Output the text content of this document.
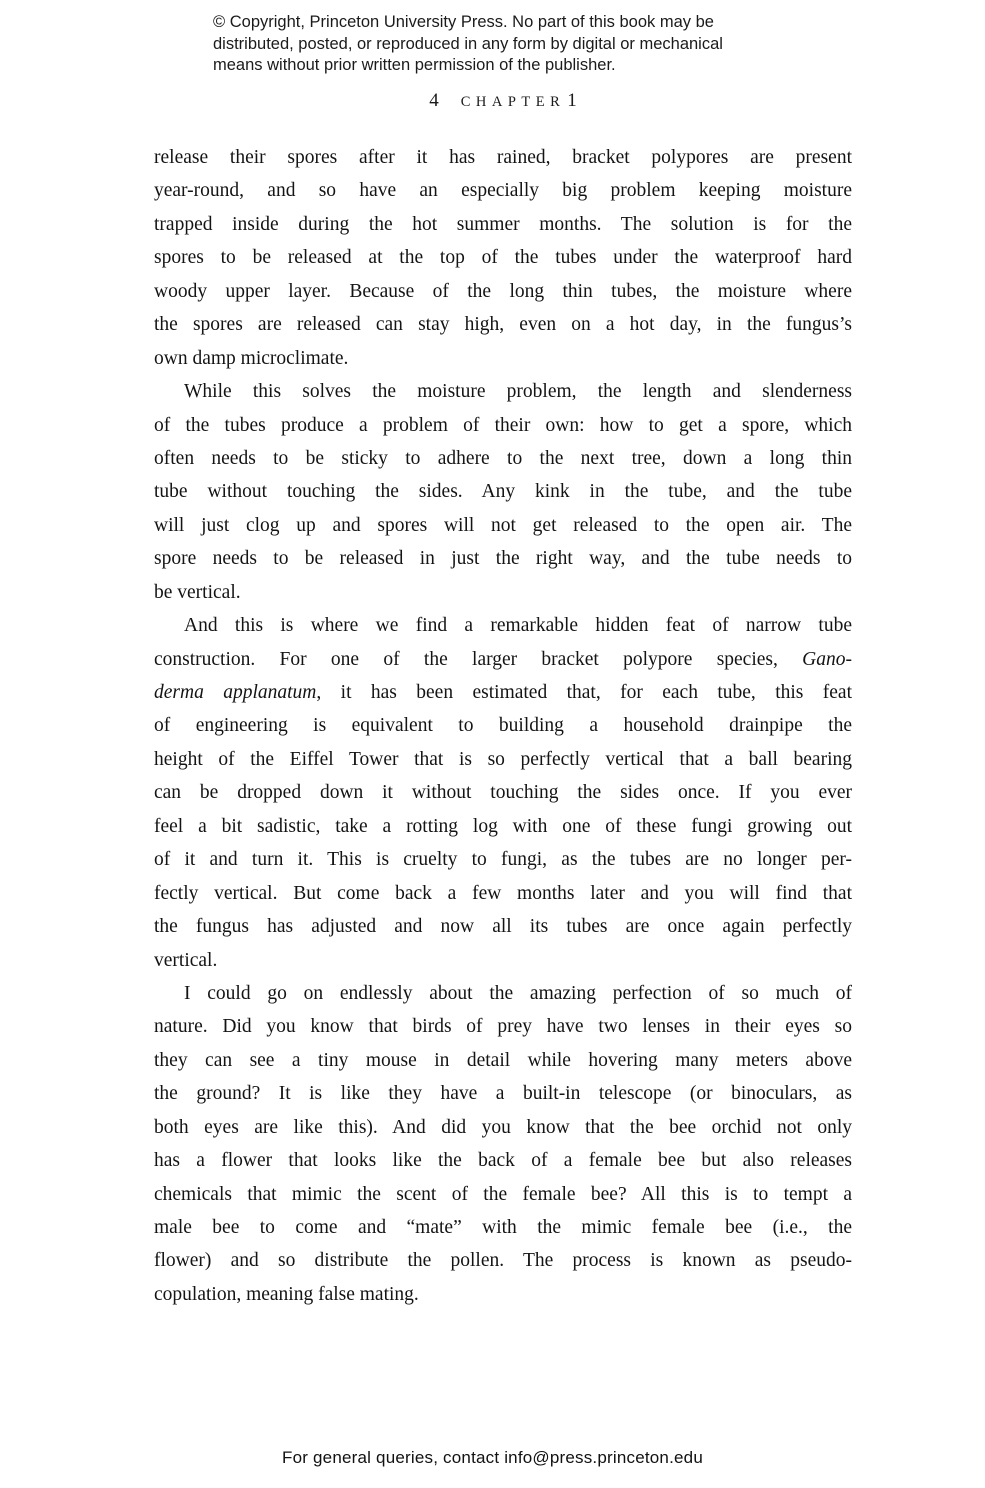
© Copyright, Princeton University Press. No part of this book may be
distributed, posted, or reproduced in any form by digital or mechanical
means without prior written permission of the publisher.
4 CHAPTER 1
release their spores after it has rained, bracket polypores are present
year-round, and so have an especially big problem keeping moisture
trapped inside during the hot summer months. The solution is for the
spores to be released at the top of the tubes under the waterproof hard
woody upper layer. Because of the long thin tubes, the moisture where
the spores are released can stay high, even on a hot day, in the fungus’s
own damp microclimate.
While this solves the moisture problem, the length and slenderness
of the tubes produce a problem of their own: how to get a spore, which
often needs to be sticky to adhere to the next tree, down a long thin
tube without touching the sides. Any kink in the tube, and the tube
will just clog up and spores will not get released to the open air. The
spore needs to be released in just the right way, and the tube needs to
be vertical.
And this is where we find a remarkable hidden feat of narrow tube
construction. For one of the larger bracket polypore species, Gano-
derma applanatum, it has been estimated that, for each tube, this feat
of engineering is equivalent to building a household drainpipe the
height of the Eiffel Tower that is so perfectly vertical that a ball bearing
can be dropped down it without touching the sides once. If you ever
feel a bit sadistic, take a rotting log with one of these fungi growing out
of it and turn it. This is cruelty to fungi, as the tubes are no longer per-
fectly vertical. But come back a few months later and you will find that
the fungus has adjusted and now all its tubes are once again perfectly
vertical.
I could go on endlessly about the amazing perfection of so much of
nature. Did you know that birds of prey have two lenses in their eyes so
they can see a tiny mouse in detail while hovering many meters above
the ground? It is like they have a built-in telescope (or binoculars, as
both eyes are like this). And did you know that the bee orchid not only
has a flower that looks like the back of a female bee but also releases
chemicals that mimic the scent of the female bee? All this is to tempt a
male bee to come and “mate” with the mimic female bee (i.e., the
flower) and so distribute the pollen. The process is known as pseudo-
copulation, meaning false mating.
For general queries, contact info@press.princeton.edu
